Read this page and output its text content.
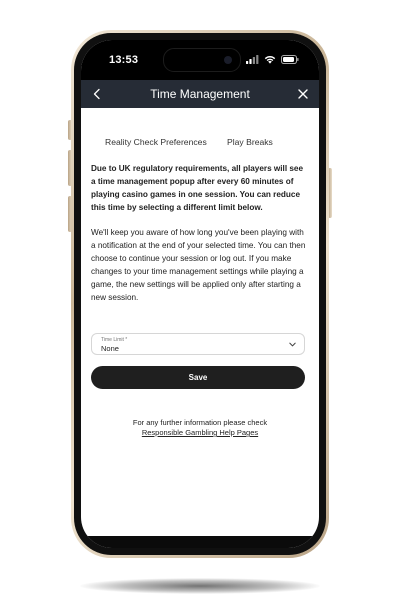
13:53
Time Management
Reality Check Preferences Play Breaks

Due to UK regulatory requirements, all players will see a time management popup after every 60 minutes of playing casino games in one session. You can reduce this time by selecting a different limit below.

We'll keep you aware of how long you've been playing with a notification at the end of your selected time. You can then choose to continue your session or log out. If you make changes to your time management settings while playing a game, the new settings will be applied only after starting a new session.

Time Limit *
None
Save
For any further information please check
Responsible Gambling Help Pages
